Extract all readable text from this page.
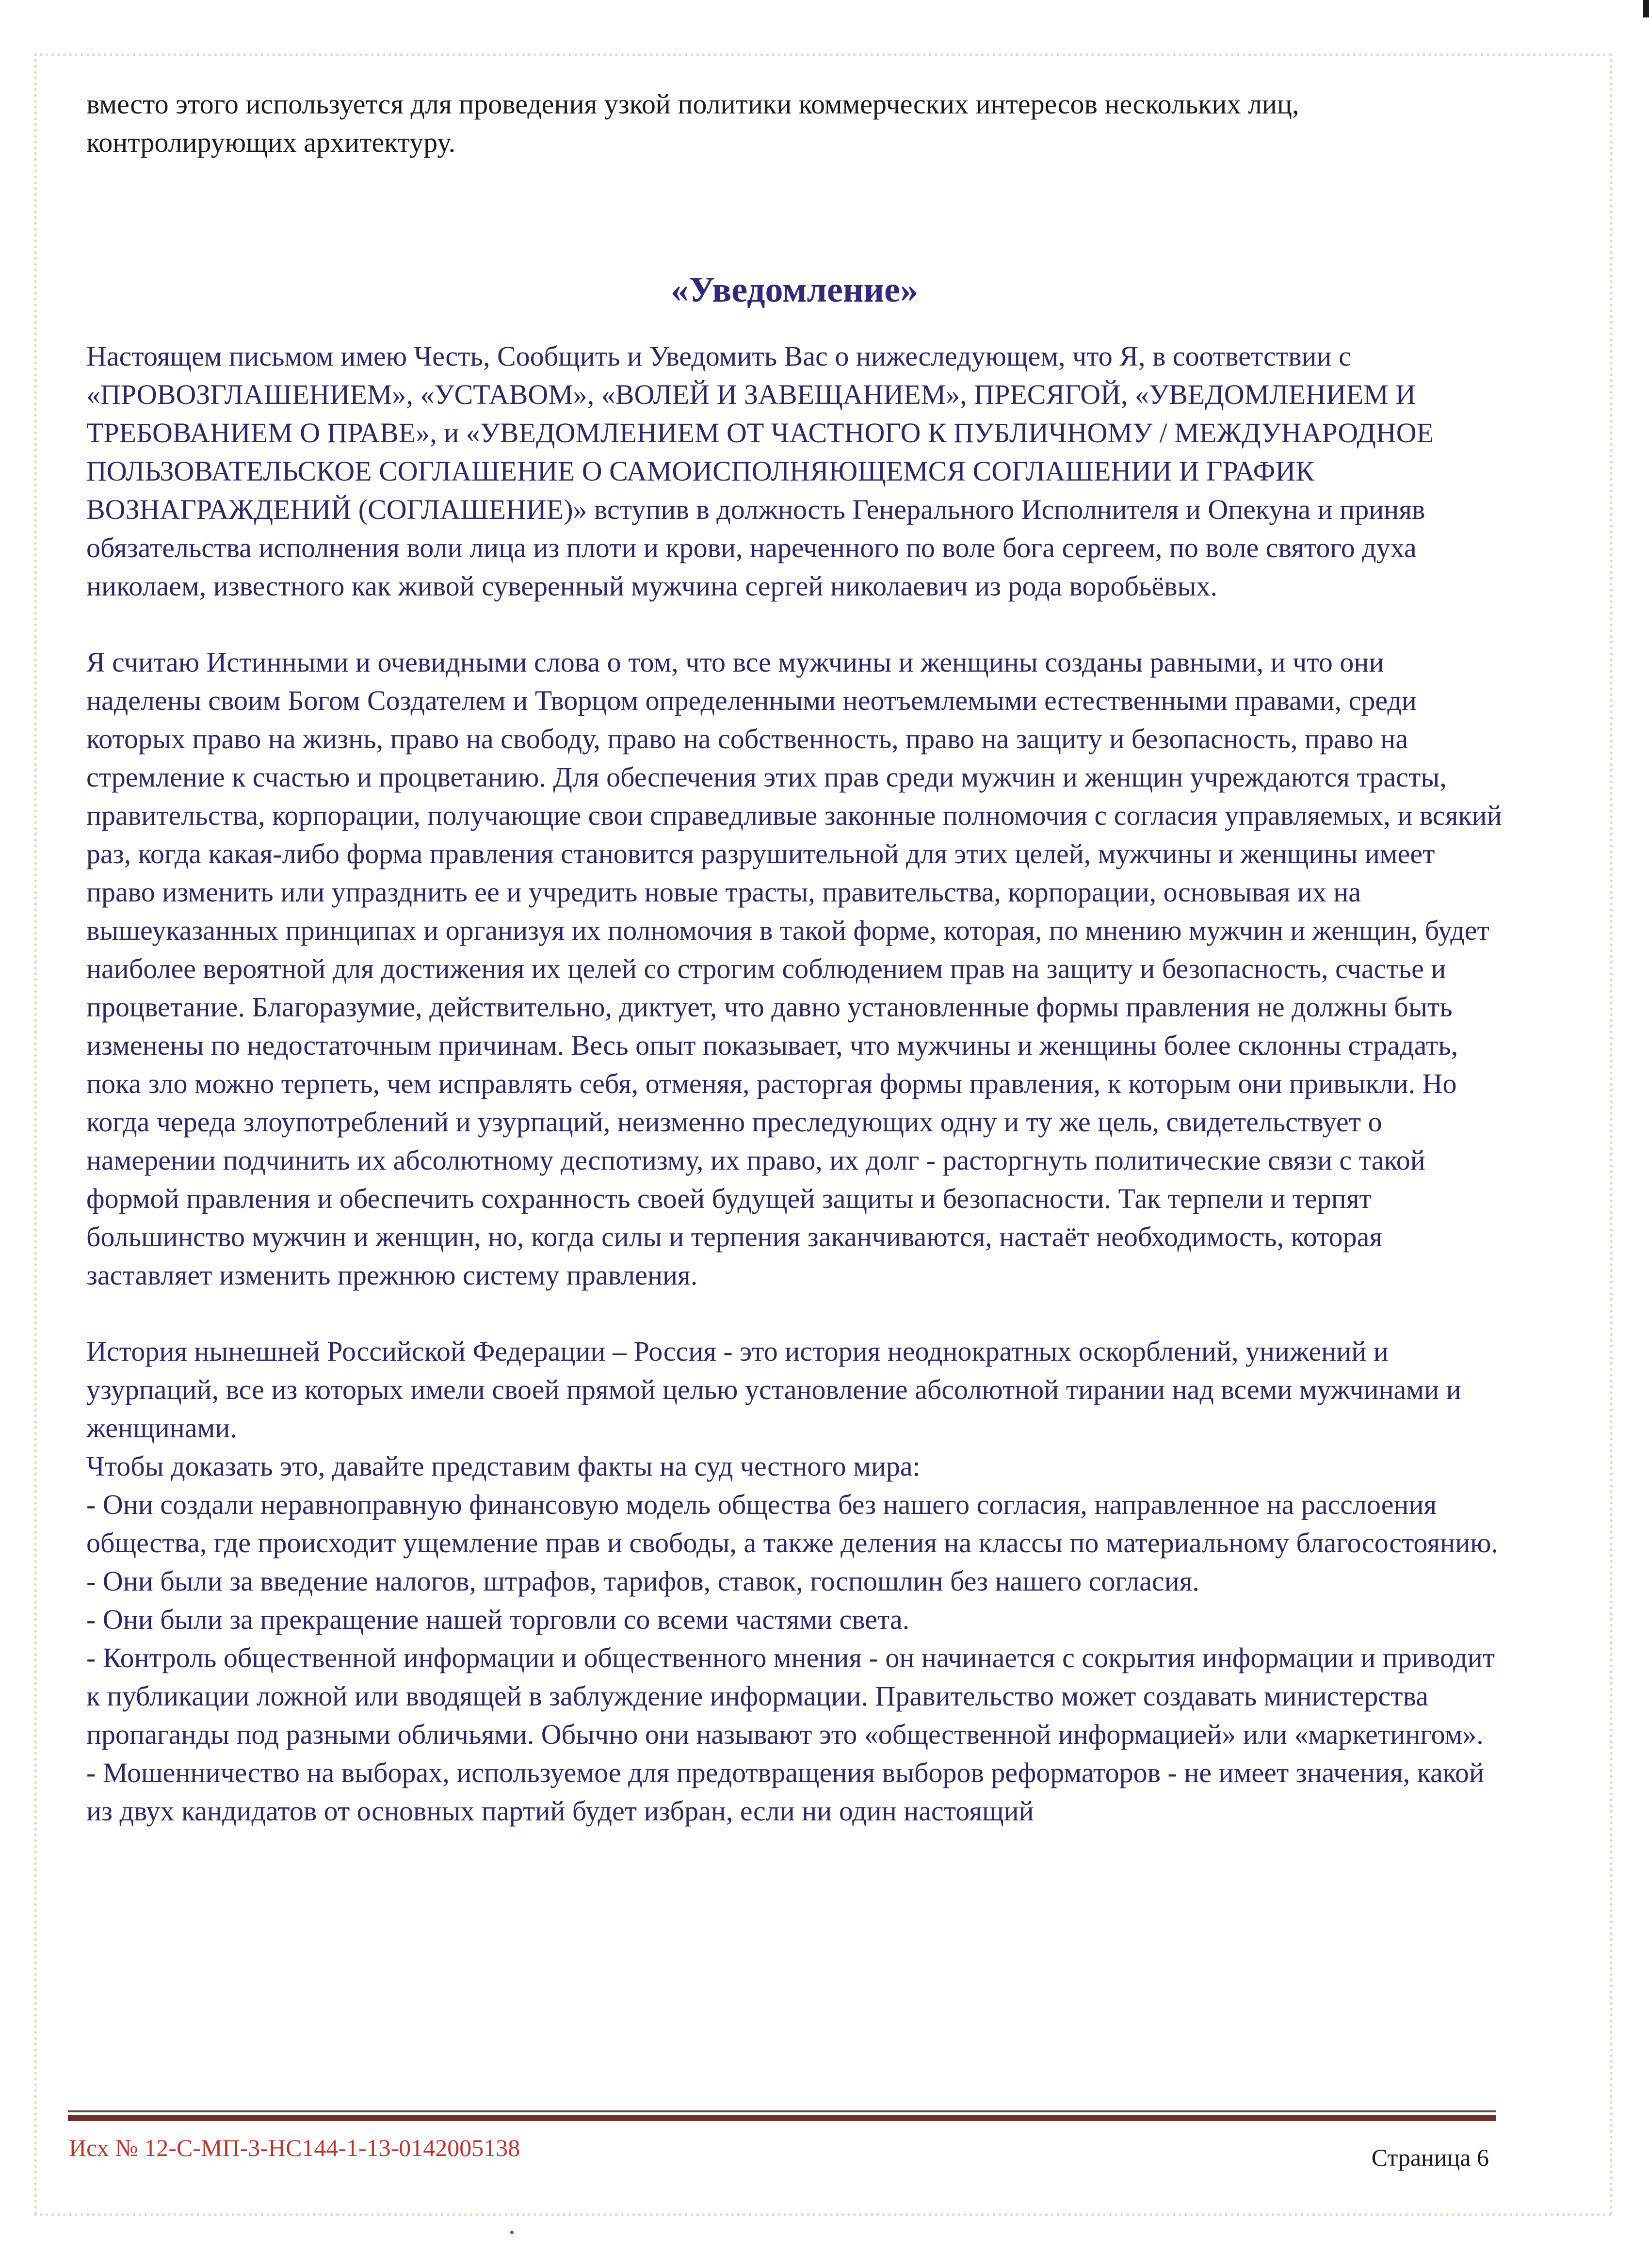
вместо этого используется для проведения узкой политики коммерческих интересов нескольких лиц, контролирующих архитектуру.

«Уведомление»

Настоящем письмом имею Честь, Сообщить и Уведомить Вас о нижеследующем, что Я, в соответствии с «ПРОВОЗГЛАШЕНИЕМ», «УСТАВОМ», «ВОЛЕЙ И ЗАВЕЩАНИЕМ», ПРЕСЯГОЙ, «УВЕДОМЛЕНИЕМ И ТРЕБОВАНИЕМ О ПРАВЕ», и «УВЕДОМЛЕНИЕМ ОТ ЧАСТНОГО К ПУБЛИЧНОМУ / МЕЖДУНАРОДНОЕ ПОЛЬЗОВАТЕЛЬСКОЕ СОГЛАШЕНИЕ О САМОИСПОЛНЯЮЩЕМСЯ СОГЛАШЕНИИ И ГРАФИК ВОЗНАГРАЖДЕНИЙ (СОГЛАШЕНИЕ)» вступив в должность Генерального Исполнителя и Опекуна и приняв обязательства исполнения воли лица из плоти и крови, нареченного по воле бога сергеем, по воле святого духа николаем, известного как живой суверенный мужчина сергей николаевич из рода воробьёвых.

Я считаю Истинными и очевидными слова о том, что все мужчины и женщины созданы равными, и что они наделены своим Богом Создателем и Творцом определенными неотъемлемыми естественными правами, среди которых право на жизнь, право на свободу, право на собственность, право на защиту и безопасность, право на стремление к счастью и процветанию. Для обеспечения этих прав среди мужчин и женщин учреждаются трасты, правительства, корпорации, получающие свои справедливые законные полномочия с согласия управляемых, и всякий раз, когда какая-либо форма правления становится разрушительной для этих целей, мужчины и женщины имеет право изменить или упразднить ее и учредить новые трасты, правительства, корпорации, основывая их на вышеуказанных принципах и организуя их полномочия в такой форме, которая, по мнению мужчин и женщин, будет наиболее вероятной для достижения их целей со строгим соблюдением прав на защиту и безопасность, счастье и процветание. Благоразумие, действительно, диктует, что давно установленные формы правления не должны быть изменены по недостаточным причинам. Весь опыт показывает, что мужчины и женщины более склонны страдать, пока зло можно терпеть, чем исправлять себя, отменяя, расторгая формы правления, к которым они привыкли. Но когда череда злоупотреблений и узурпаций, неизменно преследующих одну и ту же цель, свидетельствует о намерении подчинить их абсолютному деспотизму, их право, их долг - расторгнуть политические связи с такой формой правления и обеспечить сохранность своей будущей защиты и безопасности. Так терпели и терпят большинство мужчин и женщин, но, когда силы и терпения заканчиваются, настаёт необходимость, которая заставляет изменить прежнюю систему правления.

История нынешней Российской Федерации – Россия - это история неоднократных оскорблений, унижений и узурпаций, все из которых имели своей прямой целью установление абсолютной тирании над всеми мужчинами и женщинами.

Чтобы доказать это, давайте представим факты на суд честного мира:

- Они создали неравноправную финансовую модель общества без нашего согласия, направленное на расслоения общества, где происходит ущемление прав и свободы, а также деления на классы по материальному благосостоянию.

- Они были за введение налогов, штрафов, тарифов, ставок, госпошлин без нашего согласия.

- Они были за прекращение нашей торговли со всеми частями света.

- Контроль общественной информации и общественного мнения - он начинается с сокрытия информации и приводит к публикации ложной или вводящей в заблуждение информации. Правительство может создавать министерства пропаганды под разными обличьями. Обычно они называют это «общественной информацией» или «маркетингом».

- Мошенничество на выборах, используемое для предотвращения выборов реформаторов - не имеет значения, какой из двух кандидатов от основных партий будет избран, если ни один настоящий

Исх № 12-С-МП-3-НС144-1-13-0142005138	Страница 6
